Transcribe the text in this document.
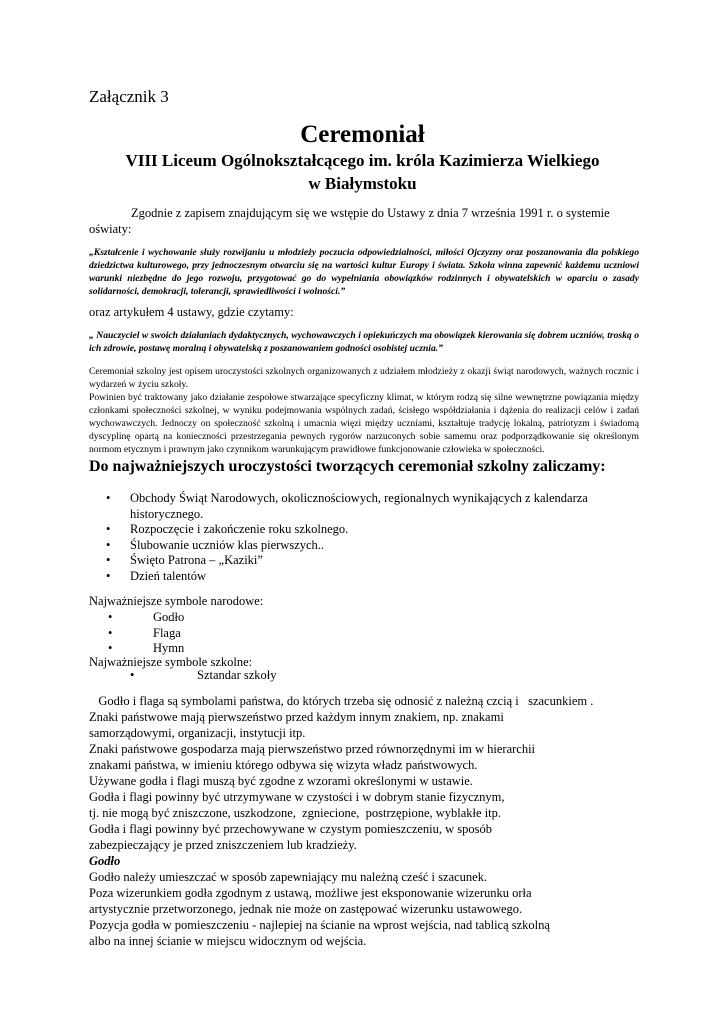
Załącznik 3
Ceremoniał
VIII Liceum Ogólnokształcącego im. króla Kazimierza Wielkiego
w Białymstoku
Zgodnie z zapisem znajdującym się we wstępie do Ustawy z dnia 7 września 1991 r. o systemie oświaty:
„Kształcenie i wychowanie służy rozwijaniu u młodzieży poczucia odpowiedzialności, miłości Ojczyzny oraz poszanowania dla polskiego dziedzictwa kulturowego, przy jednoczesnym otwarciu się na wartości kultur Europy i świata. Szkoła winna zapewnić każdemu uczniowi warunki niezbędne do jego rozwoju, przygotować go do wypełniania obowiązków rodzinnych i obywatelskich w oparciu o zasady solidarności, demokracji, tolerancji, sprawiedliwości i wolności.”
oraz artykułem 4 ustawy, gdzie czytamy:
„ Nauczyciel w swoich działaniach dydaktycznych, wychowawczych i opiekuńczych ma obowiązek kierowania się dobrem uczniów, troską o ich zdrowie, postawę moralną i obywatelską z poszanowaniem godności osobistej ucznia.”
Ceremoniał szkolny jest opisem uroczystości szkolnych organizowanych z udziałem młodzieży z okazji świąt narodowych, ważnych rocznic i wydarzeń w życiu szkoły.
Powinien być traktowany jako działanie zespołowe stwarzające specyficzny klimat, w którym rodzą się silne wewnętrzne powiązania między członkami społeczności szkolnej, w wyniku podejmowania wspólnych zadań, ścisłego współdziałania i dążenia do realizacji celów i zadań wychowawczych. Jednoczy on społeczność szkolną i umacnia więzi między uczniami, kształtuje tradycję lokalną, patriotyzm i świadomą dyscyplinę opartą na konieczności przestrzegania pewnych rygorów narzuconych sobie samemu oraz podporządkowanie się określonym normom etycznym i prawnym jako czynnikom warunkującym prawidłowe funkcjonowanie człowieka w społeczności.
Do najważniejszych uroczystości tworzących ceremoniał szkolny zaliczamy:
• Obchody Świąt Narodowych, okolicznościowych, regionalnych wynikających z kalendarza historycznego.
• Rozpoczęcie i zakończenie roku szkolnego.
• Ślubowanie uczniów klas pierwszych..
• Święto Patrona – „Kaziki”
• Dzień talentów
Najważniejsze symbole narodowe:
•	Godło
•	Flaga
•	Hymn
Najważniejsze symbole szkolne:
•	Sztandar szkoły
Godło i flaga są symbolami państwa, do których trzeba się odnosić z należną czcią i   szacunkiem .
Znaki państwowe mają pierwszeństwo przed każdym innym znakiem, np. znakami
samorządowymi, organizacji, instytucji itp.
Znaki państwowe gospodarza mają pierwszeństwo przed równorzędnymi im w hierarchii
znakami państwa, w imieniu którego odbywa się wizyta władz państwowych.
Używane godła i flagi muszą być zgodne z wzorami określonymi w ustawie.
Godła i flagi powinny być utrzymywane w czystości i w dobrym stanie fizycznym,
tj. nie mogą być zniszczone, uszkodzone,  zgniecione,  postrzępione, wyblakłe itp.
Godła i flagi powinny być przechowywane w czystym pomieszczeniu, w sposób
zabezpieczający je przed zniszczeniem lub kradzieży.
Godło
Godło należy umieszczać w sposób zapewniający mu należną cześć i szacunek.
Poza wizerunkiem godła zgodnym z ustawą, możliwe jest eksponowanie wizerunku orła
artystycznie przetworzonego, jednak nie może on zastępować wizerunku ustawowego.
Pozycja godła w pomieszczeniu - najlepiej na ścianie na wprost wejścia, nad tablicą szkolną
albo na innej ścianie w miejscu widocznym od wejścia.
